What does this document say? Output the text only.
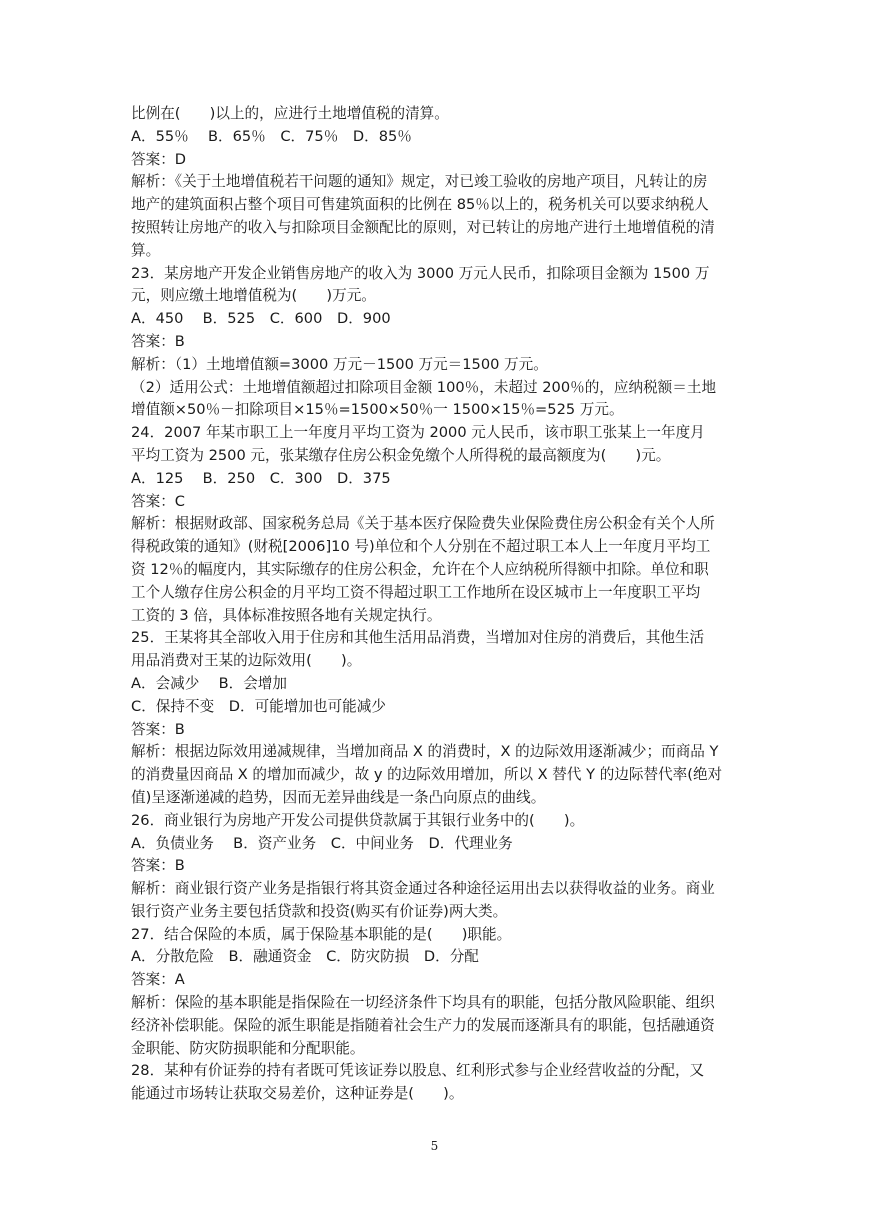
比例在(　　)以上的，应进行土地增值税的清算。
A．55％　 B．65％　C．75％　D．85％
答案：D
解析：《关于土地增值税若干问题的通知》规定，对已竣工验收的房地产项目，凡转让的房
地产的建筑面积占整个项目可售建筑面积的比例在 85％以上的，税务机关可以要求纳税人
按照转让房地产的收入与扣除项目金额配比的原则，对已转让的房地产进行土地增值税的清
算。
23．某房地产开发企业销售房地产的收入为 3000 万元人民币，扣除项目金额为 1500 万
元，则应缴土地增值税为(　　)万元。
A．450　 B．525　C．600　D．900
答案：B
解析：（1）土地增值额=3000 万元－1500 万元＝1500 万元。
（2）适用公式：土地增值额超过扣除项目金额 100％，未超过 200％的，应纳税额＝土地
增值额×50％－扣除项目×15％=1500×50％一 1500×15％=525 万元。
24．2007 年某市职工上一年度月平均工资为 2000 元人民币，该市职工张某上一年度月
平均工资为 2500 元，张某缴存住房公积金免缴个人所得税的最高额度为(　　)元。
A．125　 B．250　C．300　D．375
答案：C
解析：根据财政部、国家税务总局《关于基本医疗保险费失业保险费住房公积金有关个人所
得税政策的通知》(财税[2006]10 号)单位和个人分别在不超过职工本人上一年度月平均工
资 12％的幅度内，其实际缴存的住房公积金，允许在个人应纳税所得额中扣除。单位和职
工个人缴存住房公积金的月平均工资不得超过职工工作地所在设区城市上一年度职工平均
工资的 3 倍，具体标准按照各地有关规定执行。
25．王某将其全部收入用于住房和其他生活用品消费，当增加对住房的消费后，其他生活
用品消费对王某的边际效用(　　)。
A．会减少　 B．会增加
C．保持不变　D．可能增加也可能减少
答案：B
解析：根据边际效用递减规律，当增加商品 X 的消费时，X 的边际效用逐渐减少；而商品 Y
的消费量因商品 X 的增加而减少，故 y 的边际效用增加，所以 X 替代 Y 的边际替代率(绝对
值)呈逐渐递减的趋势，因而无差异曲线是一条凸向原点的曲线。
26．商业银行为房地产开发公司提供贷款属于其银行业务中的(　　)。
A．负债业务　 B．资产业务　C．中间业务　D．代理业务
答案：B
解析：商业银行资产业务是指银行将其资金通过各种途径运用出去以获得收益的业务。商业
银行资产业务主要包括贷款和投资(购买有价证券)两大类。
27．结合保险的本质，属于保险基本职能的是(　　)职能。
A．分散危险　B．融通资金　C．防灾防损　D．分配
答案：A
解析：保险的基本职能是指保险在一切经济条件下均具有的职能，包括分散风险职能、组织
经济补偿职能。保险的派生职能是指随着社会生产力的发展而逐渐具有的职能，包括融通资
金职能、防灾防损职能和分配职能。
28．某种有价证券的持有者既可凭该证券以股息、红利形式参与企业经营收益的分配，又
能通过市场转让获取交易差价，这种证券是(　　)。
5
